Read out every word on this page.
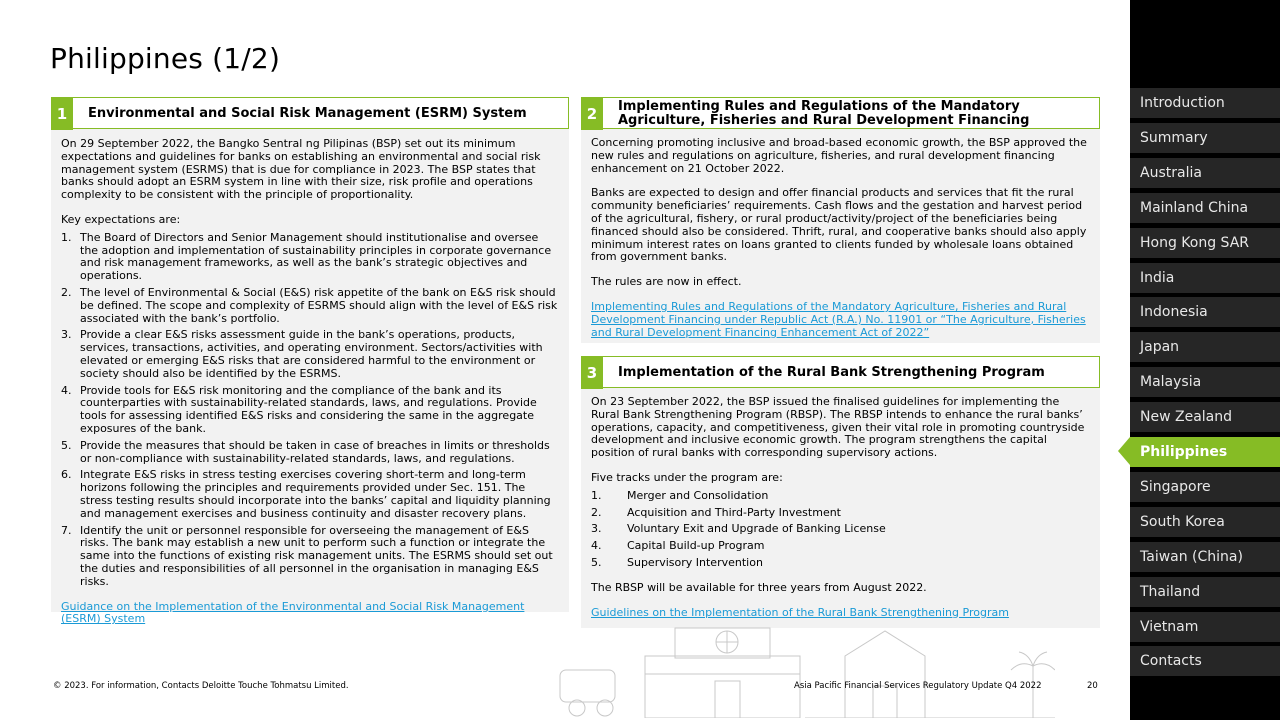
Philippines (1/2)
1	Environmental and Social Risk Management (ESRM) System

On 29 September 2022, the Bangko Sentral ng Pilipinas (BSP) set out its minimum expectations and guidelines for banks on establishing an environmental and social risk management system (ESRMS) that is due for compliance in 2023. The BSP states that banks should adopt an ESRM system in line with their size, risk profile and operations complexity to be consistent with the principle of proportionality.

Key expectations are:

1. The Board of Directors and Senior Management should institutionalise and oversee the adoption and implementation of sustainability principles in corporate governance and risk management frameworks, as well as the bank’s strategic objectives and operations.
2. The level of Environmental & Social (E&S) risk appetite of the bank on E&S risk should be defined. The scope and complexity of ESRMS should align with the level of E&S risk associated with the bank’s portfolio.
3. Provide a clear E&S risks assessment guide in the bank’s operations, products, services, transactions, activities, and operating environment. Sectors/activities with elevated or emerging E&S risks that are considered harmful to the environment or society should also be identified by the ESRMS.
4. Provide tools for E&S risk monitoring and the compliance of the bank and its counterparties with sustainability-related standards, laws, and regulations. Provide tools for assessing identified E&S risks and considering the same in the aggregate exposures of the bank.
5. Provide the measures that should be taken in case of breaches in limits or thresholds or non-compliance with sustainability-related standards, laws, and regulations.
6. Integrate E&S risks in stress testing exercises covering short-term and long-term horizons following the principles and requirements provided under Sec. 151. The stress testing results should incorporate into the banks’ capital and liquidity planning and management exercises and business continuity and disaster recovery plans.
7. Identify the unit or personnel responsible for overseeing the management of E&S risks. The bank may establish a new unit to perform such a function or integrate the same into the functions of existing risk management units. The ESRMS should set out the duties and responsibilities of all personnel in the organisation in managing E&S risks.
Guidance on the Implementation of the Environmental and Social Risk Management (ESRM) System
2	Implementing Rules and Regulations of the Mandatory Agriculture, Fisheries and Rural Development Financing

Concerning promoting inclusive and broad-based economic growth, the BSP approved the new rules and regulations on agriculture, fisheries, and rural development financing enhancement on 21 October 2022.

Banks are expected to design and offer financial products and services that fit the rural community beneficiaries’ requirements. Cash flows and the gestation and harvest period of the agricultural, fishery, or rural product/activity/project of the beneficiaries being financed should also be considered. Thrift, rural, and cooperative banks should also apply minimum interest rates on loans granted to clients funded by wholesale loans obtained from government banks.

The rules are now in effect.

Implementing Rules and Regulations of the Mandatory Agriculture, Fisheries and Rural Development Financing under Republic Act (R.A.) No. 11901 or “The Agriculture, Fisheries and Rural Development Financing Enhancement Act of 2022”
3	Implementation of the Rural Bank Strengthening Program

On 23 September 2022, the BSP issued the finalised guidelines for implementing the Rural Bank Strengthening Program (RBSP). The RBSP intends to enhance the rural banks’ operations, capacity, and competitiveness, given their vital role in promoting countryside development and inclusive economic growth. The program strengthens the capital position of rural banks with corresponding supervisory actions.

Five tracks under the program are:

1. Merger and Consolidation
2. Acquisition and Third-Party Investment
3. Voluntary Exit and Upgrade of Banking License
4. Capital Build-up Program
5. Supervisory Intervention

The RBSP will be available for three years from August 2022.

Guidelines on the Implementation of the Rural Bank Strengthening Program
Introduction
Summary
Australia
Mainland China
Hong Kong SAR
India
Indonesia
Japan
Malaysia
New Zealand
Philippines
Singapore
South Korea
Taiwan (China)
Thailand
Vietnam
Contacts
© 2023. For information, Contacts Deloitte Touche Tohmatsu Limited.	Asia Pacific Financial Services Regulatory Update Q4 2022	20
